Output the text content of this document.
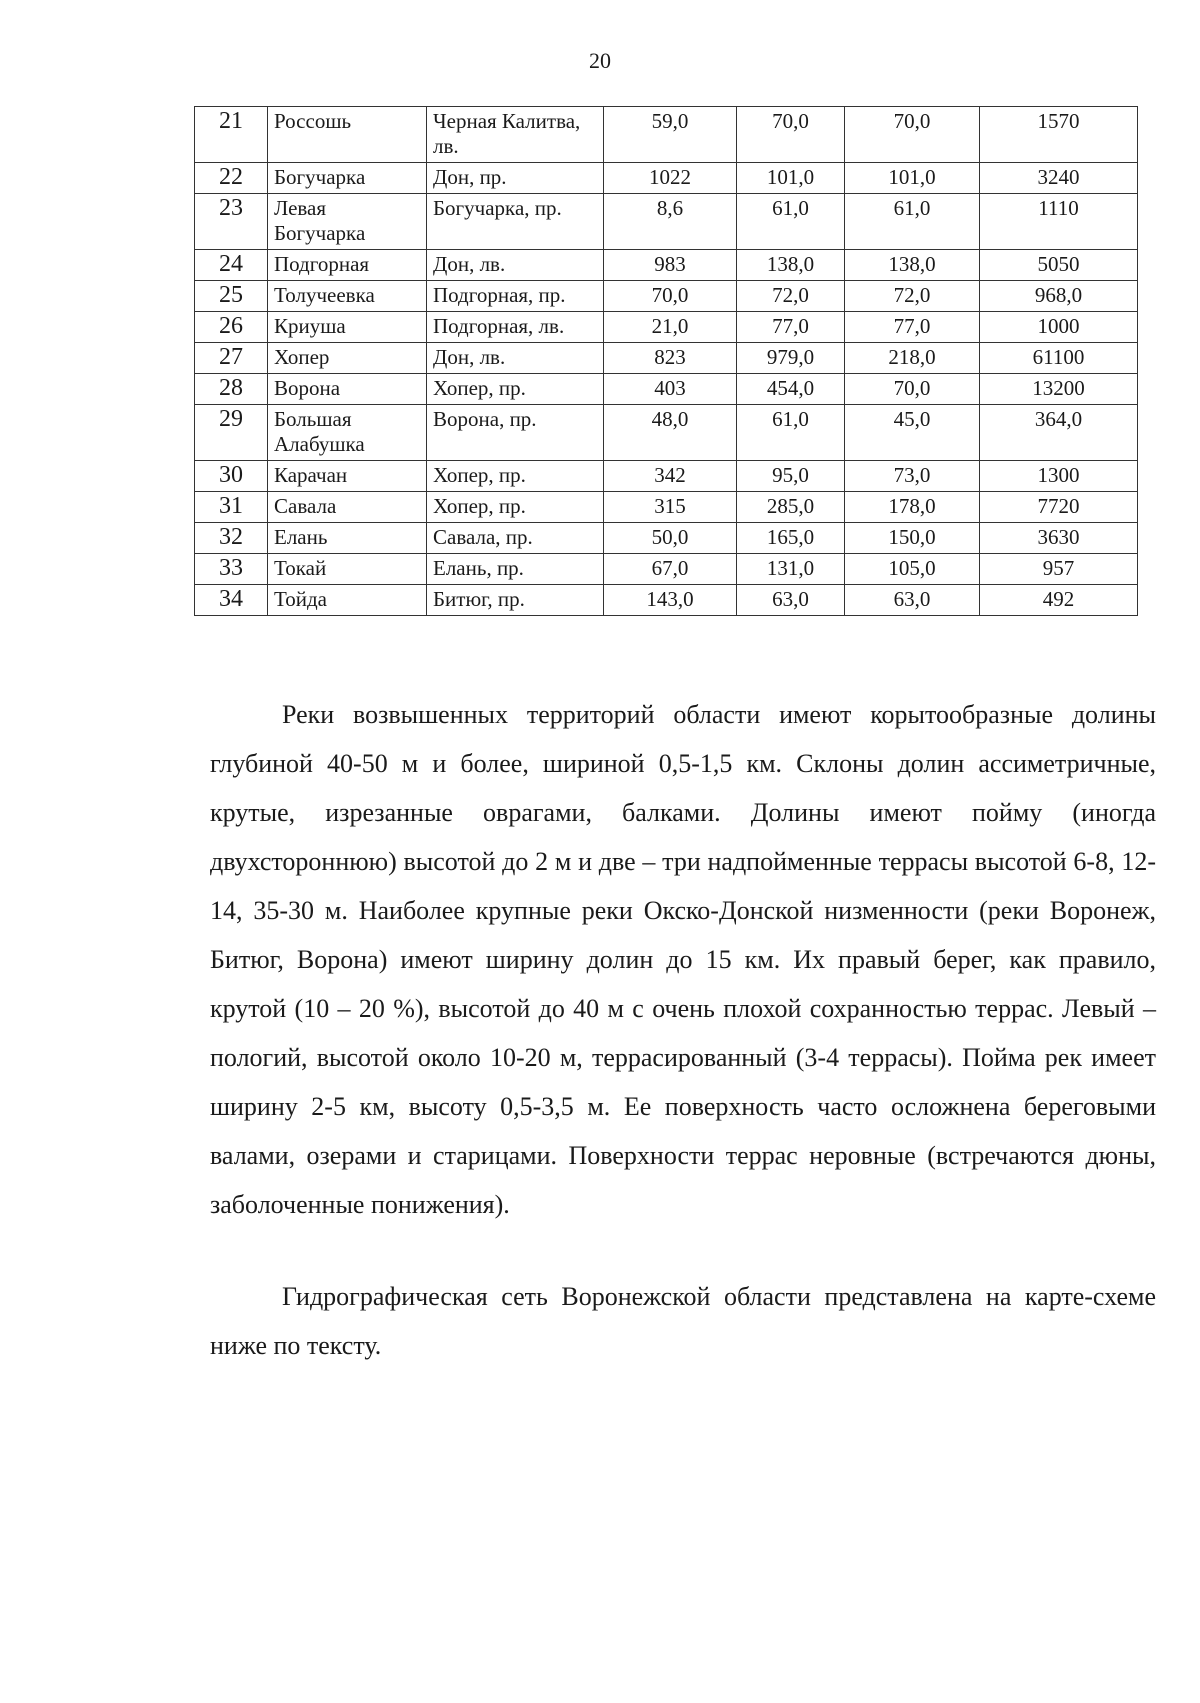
20
21	Россошь	Черная Калитва, лв.	59,0	70,0	70,0	1570
22	Богучарка	Дон, пр.	1022	101,0	101,0	3240
23	Левая Богучарка	Богучарка, пр.	8,6	61,0	61,0	1110
24	Подгорная	Дон, лв.	983	138,0	138,0	5050
25	Толучеевка	Подгорная, пр.	70,0	72,0	72,0	968,0
26	Криуша	Подгорная, лв.	21,0	77,0	77,0	1000
27	Хопер	Дон, лв.	823	979,0	218,0	61100
28	Ворона	Хопер, пр.	403	454,0	70,0	13200
29	Большая Алабушка	Ворона, пр.	48,0	61,0	45,0	364,0
30	Карачан	Хопер, пр.	342	95,0	73,0	1300
31	Савала	Хопер, пр.	315	285,0	178,0	7720
32	Елань	Савала, пр.	50,0	165,0	150,0	3630
33	Токай	Елань, пр.	67,0	131,0	105,0	957
34	Тойда	Битюг, пр.	143,0	63,0	63,0	492

Реки возвышенных территорий области имеют корытообразные долины глубиной 40-50 м и более, шириной 0,5-1,5 км. Склоны долин ассиметричные, крутые, изрезанные оврагами, балками. Долины имеют пойму (иногда двухстороннюю) высотой до 2 м и две – три надпойменные террасы высотой 6-8, 12-14, 35-30 м. Наиболее крупные реки Окско-Донской низменности (реки Воронеж, Битюг, Ворона) имеют ширину долин до 15 км. Их правый берег, как правило, крутой (10 – 20 %), высотой до 40 м с очень плохой сохранностью террас. Левый – пологий, высотой около 10-20 м, террасированный (3-4 террасы). Пойма рек имеет ширину 2-5 км, высоту 0,5-3,5 м. Ее поверхность часто осложнена береговыми валами, озерами и старицами. Поверхности террас неровные (встречаются дюны, заболоченные понижения).

Гидрографическая сеть Воронежской области представлена на карте-схеме ниже по тексту.
